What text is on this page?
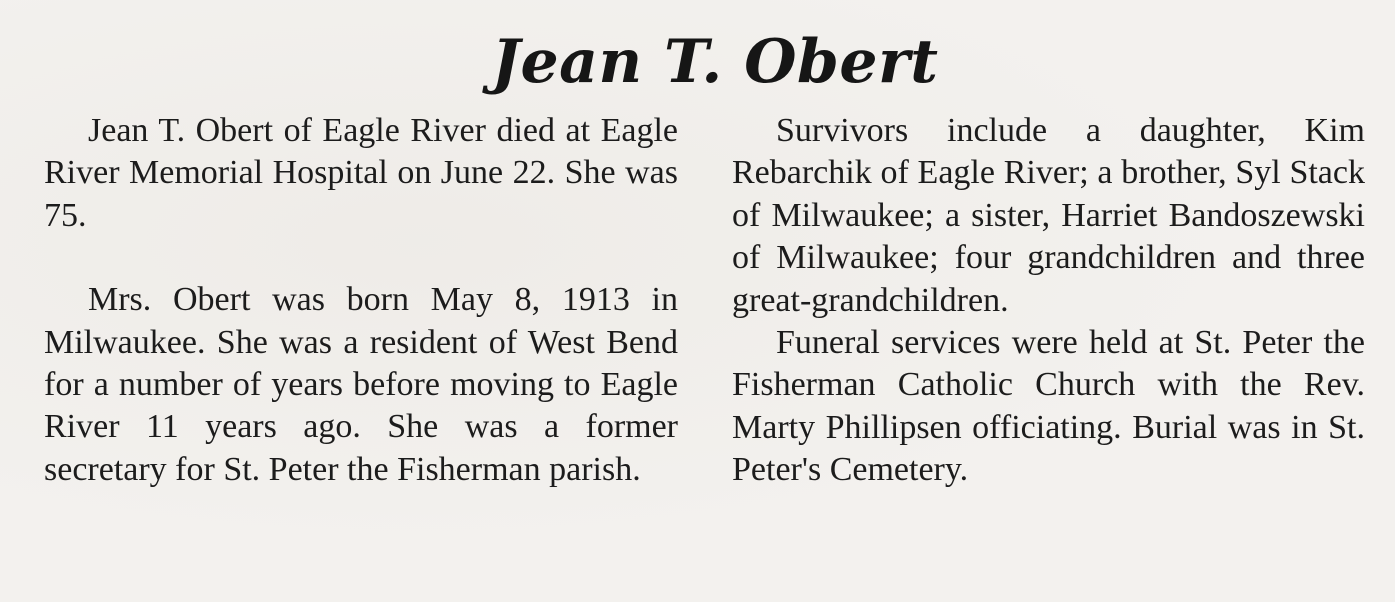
Jean T. Obert

Jean T. Obert of Eagle River died at Eagle River Memorial Hospital on June 22. She was 75.

Mrs. Obert was born May 8, 1913 in Milwaukee. She was a resident of West Bend for a number of years before moving to Eagle River 11 years ago. She was a former secretary for St. Peter the Fisherman parish.

Survivors include a daughter, Kim Rebarchik of Eagle River; a brother, Syl Stack of Milwaukee; a sister, Harriet Bandoszewski of Milwaukee; four grandchildren and three great-grandchildren.

Funeral services were held at St. Peter the Fisherman Catholic Church with the Rev. Marty Phillipsen officiating. Burial was in St. Peter's Cemetery.
